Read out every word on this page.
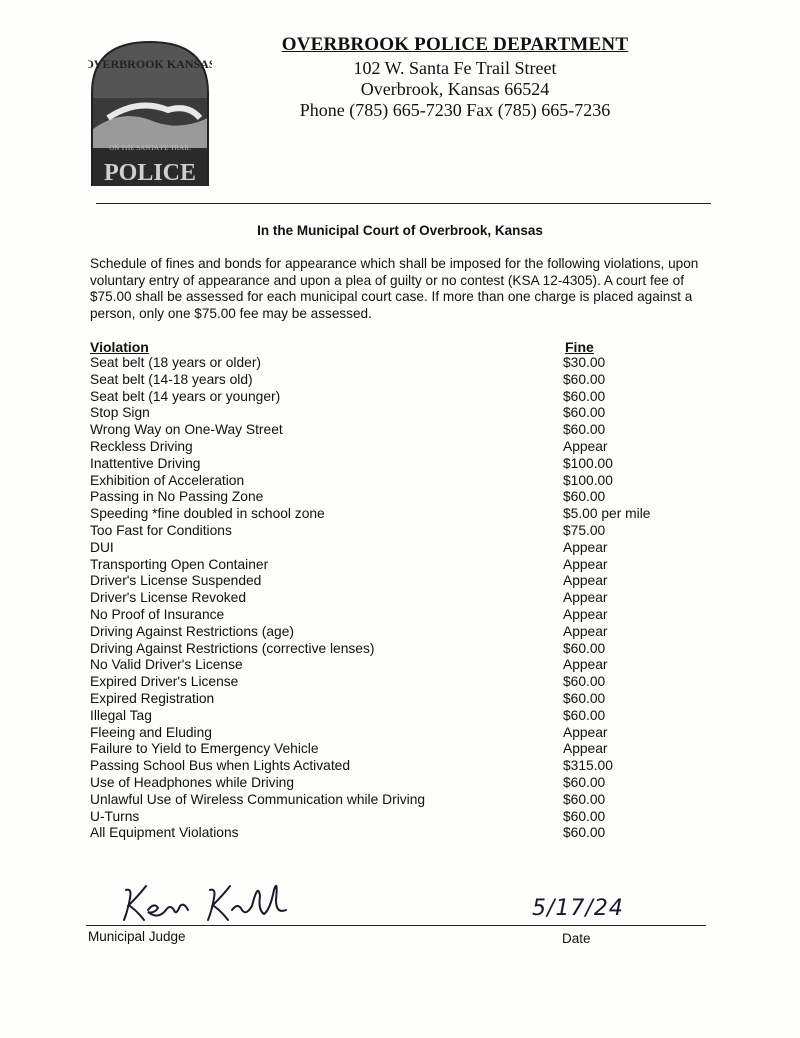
OVERBROOK KANSAS
ON THE SANTA FE TRAIL
POLICE
OVERBROOK POLICE DEPARTMENT
102 W. Santa Fe Trail Street
Overbrook, Kansas 66524
Phone (785) 665-7230 Fax (785) 665-7236
In the Municipal Court of Overbrook, Kansas
Schedule of fines and bonds for appearance which shall be imposed for the following violations, upon voluntary entry of appearance and upon a plea of guilty or no contest (KSA 12-4305). A court fee of $75.00 shall be assessed for each municipal court case. If more than one charge is placed against a person, only one $75.00 fee may be assessed.
Violation	Fine
Seat belt (18 years or older)	$30.00
Seat belt (14-18 years old)	$60.00
Seat belt (14 years or younger)	$60.00
Stop Sign	$60.00
Wrong Way on One-Way Street	$60.00
Reckless Driving	Appear
Inattentive Driving	$100.00
Exhibition of Acceleration	$100.00
Passing in No Passing Zone	$60.00
Speeding *fine doubled in school zone	$5.00 per mile
Too Fast for Conditions	$75.00
DUI	Appear
Transporting Open Container	Appear
Driver's License Suspended	Appear
Driver's License Revoked	Appear
No Proof of Insurance	Appear
Driving Against Restrictions (age)	Appear
Driving Against Restrictions (corrective lenses)	$60.00
No Valid Driver's License	Appear
Expired Driver's License	$60.00
Expired Registration	$60.00
Illegal Tag	$60.00
Fleeing and Eluding	Appear
Failure to Yield to Emergency Vehicle	Appear
Passing School Bus when Lights Activated	$315.00
Use of Headphones while Driving	$60.00
Unlawful Use of Wireless Communication while Driving	$60.00
U-Turns	$60.00
All Equipment Violations	$60.00
5/17/24
Municipal Judge	Date
